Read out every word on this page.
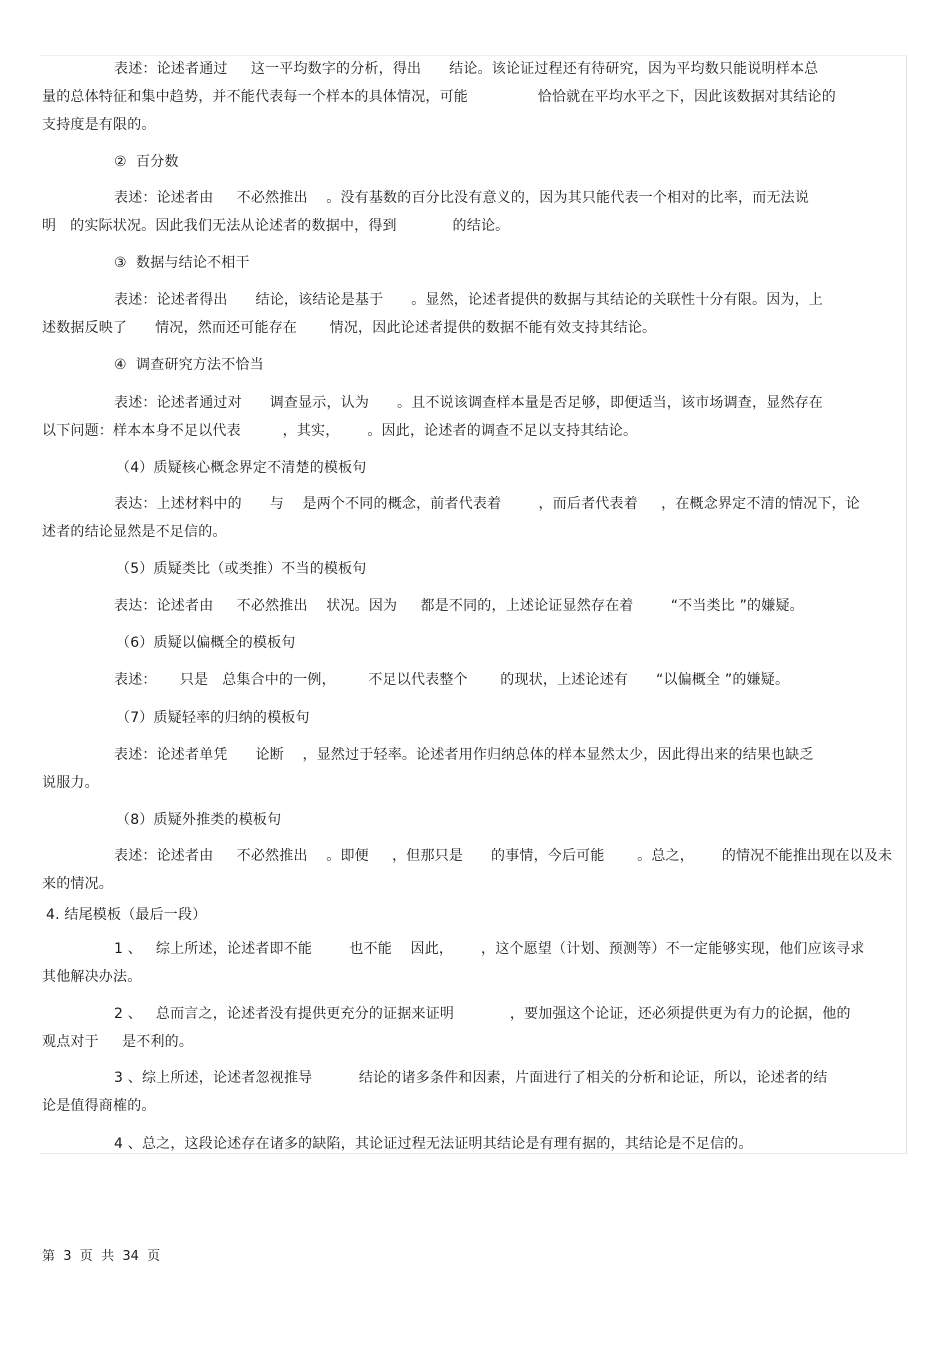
表述：论述者通过     这一平均数字的分析，得出      结论。该论证过程还有待研究，因为平均数只能说明样本总
量的总体特征和集中趋势，并不能代表每一个样本的具体情况，可能               恰恰就在平均水平之下，因此该数据对其结论的
支持度是有限的。
②  百分数
表述：论述者由     不必然推出    。没有基数的百分比没有意义的，因为其只能代表一个相对的比率，而无法说
明   的实际状况。因此我们无法从论述者的数据中，得到            的结论。
③  数据与结论不相干
表述：论述者得出      结论，该结论是基于      。显然，论述者提供的数据与其结论的关联性十分有限。因为，上
述数据反映了      情况，然而还可能存在       情况，因此论述者提供的数据不能有效支持其结论。
④  调查研究方法不恰当
表述：论述者通过对      调查显示，认为      。且不说该调查样本量是否足够，即便适当，该市场调查，显然存在
以下问题：样本本身不足以代表         ，其实，      。因此，论述者的调查不足以支持其结论。
（4）质疑核心概念界定不清楚的模板句
表达：上述材料中的      与    是两个不同的概念，前者代表着        ，而后者代表着     ，在概念界定不清的情况下，论
述者的结论显然是不足信的。
（5）质疑类比（或类推）不当的模板句
表达：论述者由     不必然推出    状况。因为     都是不同的，上述论证显然存在着        “不当类比 ”的嫌疑。
（6）质疑以偏概全的模板句
表述：     只是   总集合中的一例，       不足以代表整个       的现状，上述论述有      “以偏概全 ”的嫌疑。
（7）质疑轻率的归纳的模板句
表述：论述者单凭      论断    ，显然过于轻率。论述者用作归纳总体的样本显然太少，因此得出来的结果也缺乏
说服力。
（8）质疑外推类的模板句
表述：论述者由     不必然推出    。即便     ，但那只是      的事情，今后可能       。总之，      的情况不能推出现在以及未
来的情况。
4. 结尾模板（最后一段）
1 、   综上所述，论述者即不能        也不能    因此，      ，这个愿望（计划、预测等）不一定能够实现，他们应该寻求
其他解决办法。
2 、   总而言之，论述者没有提供更充分的证据来证明            ，要加强这个论证，还必须提供更为有力的论据，他的
观点对于     是不利的。
3 、综上所述，论述者忽视推导          结论的诸多条件和因素，片面进行了相关的分析和论证，所以，论述者的结
论是值得商榷的。
4 、总之，这段论述存在诸多的缺陷，其论证过程无法证明其结论是有理有据的，其结论是不足信的。
第  3  页  共  34  页
